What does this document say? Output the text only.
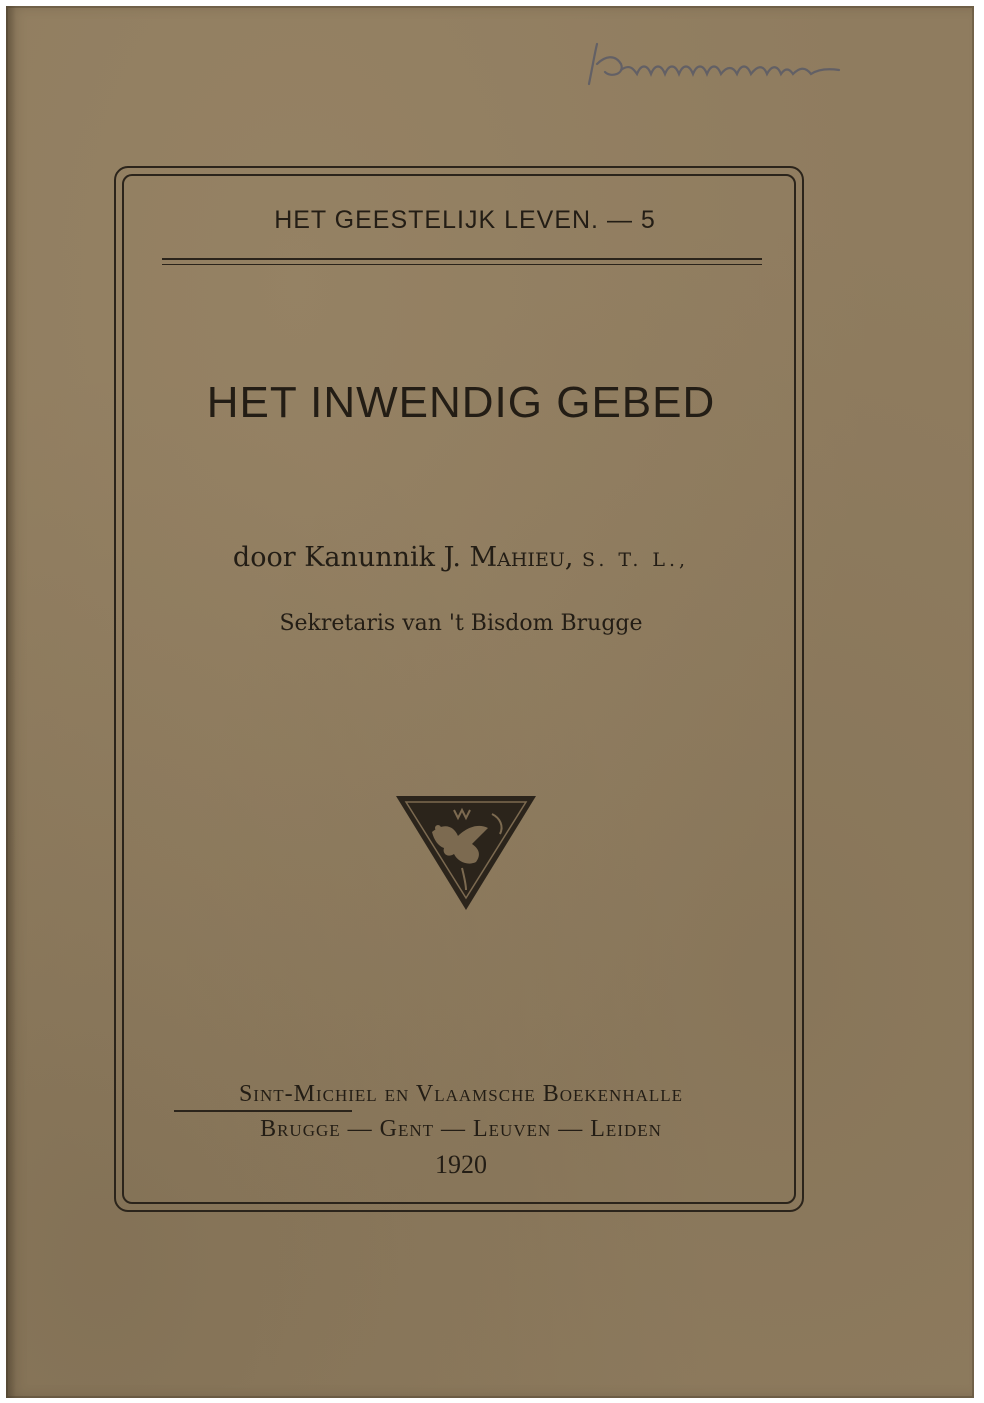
HET GEESTELIJK LEVEN. — 5
HET INWENDIG GEBED
door Kanunnik J. Mahieu, S. T. L.,
Sekretaris van 't Bisdom Brugge
Sint-Michiel en Vlaamsche Boekenhalle
Brugge — Gent — Leuven — Leiden
1920
